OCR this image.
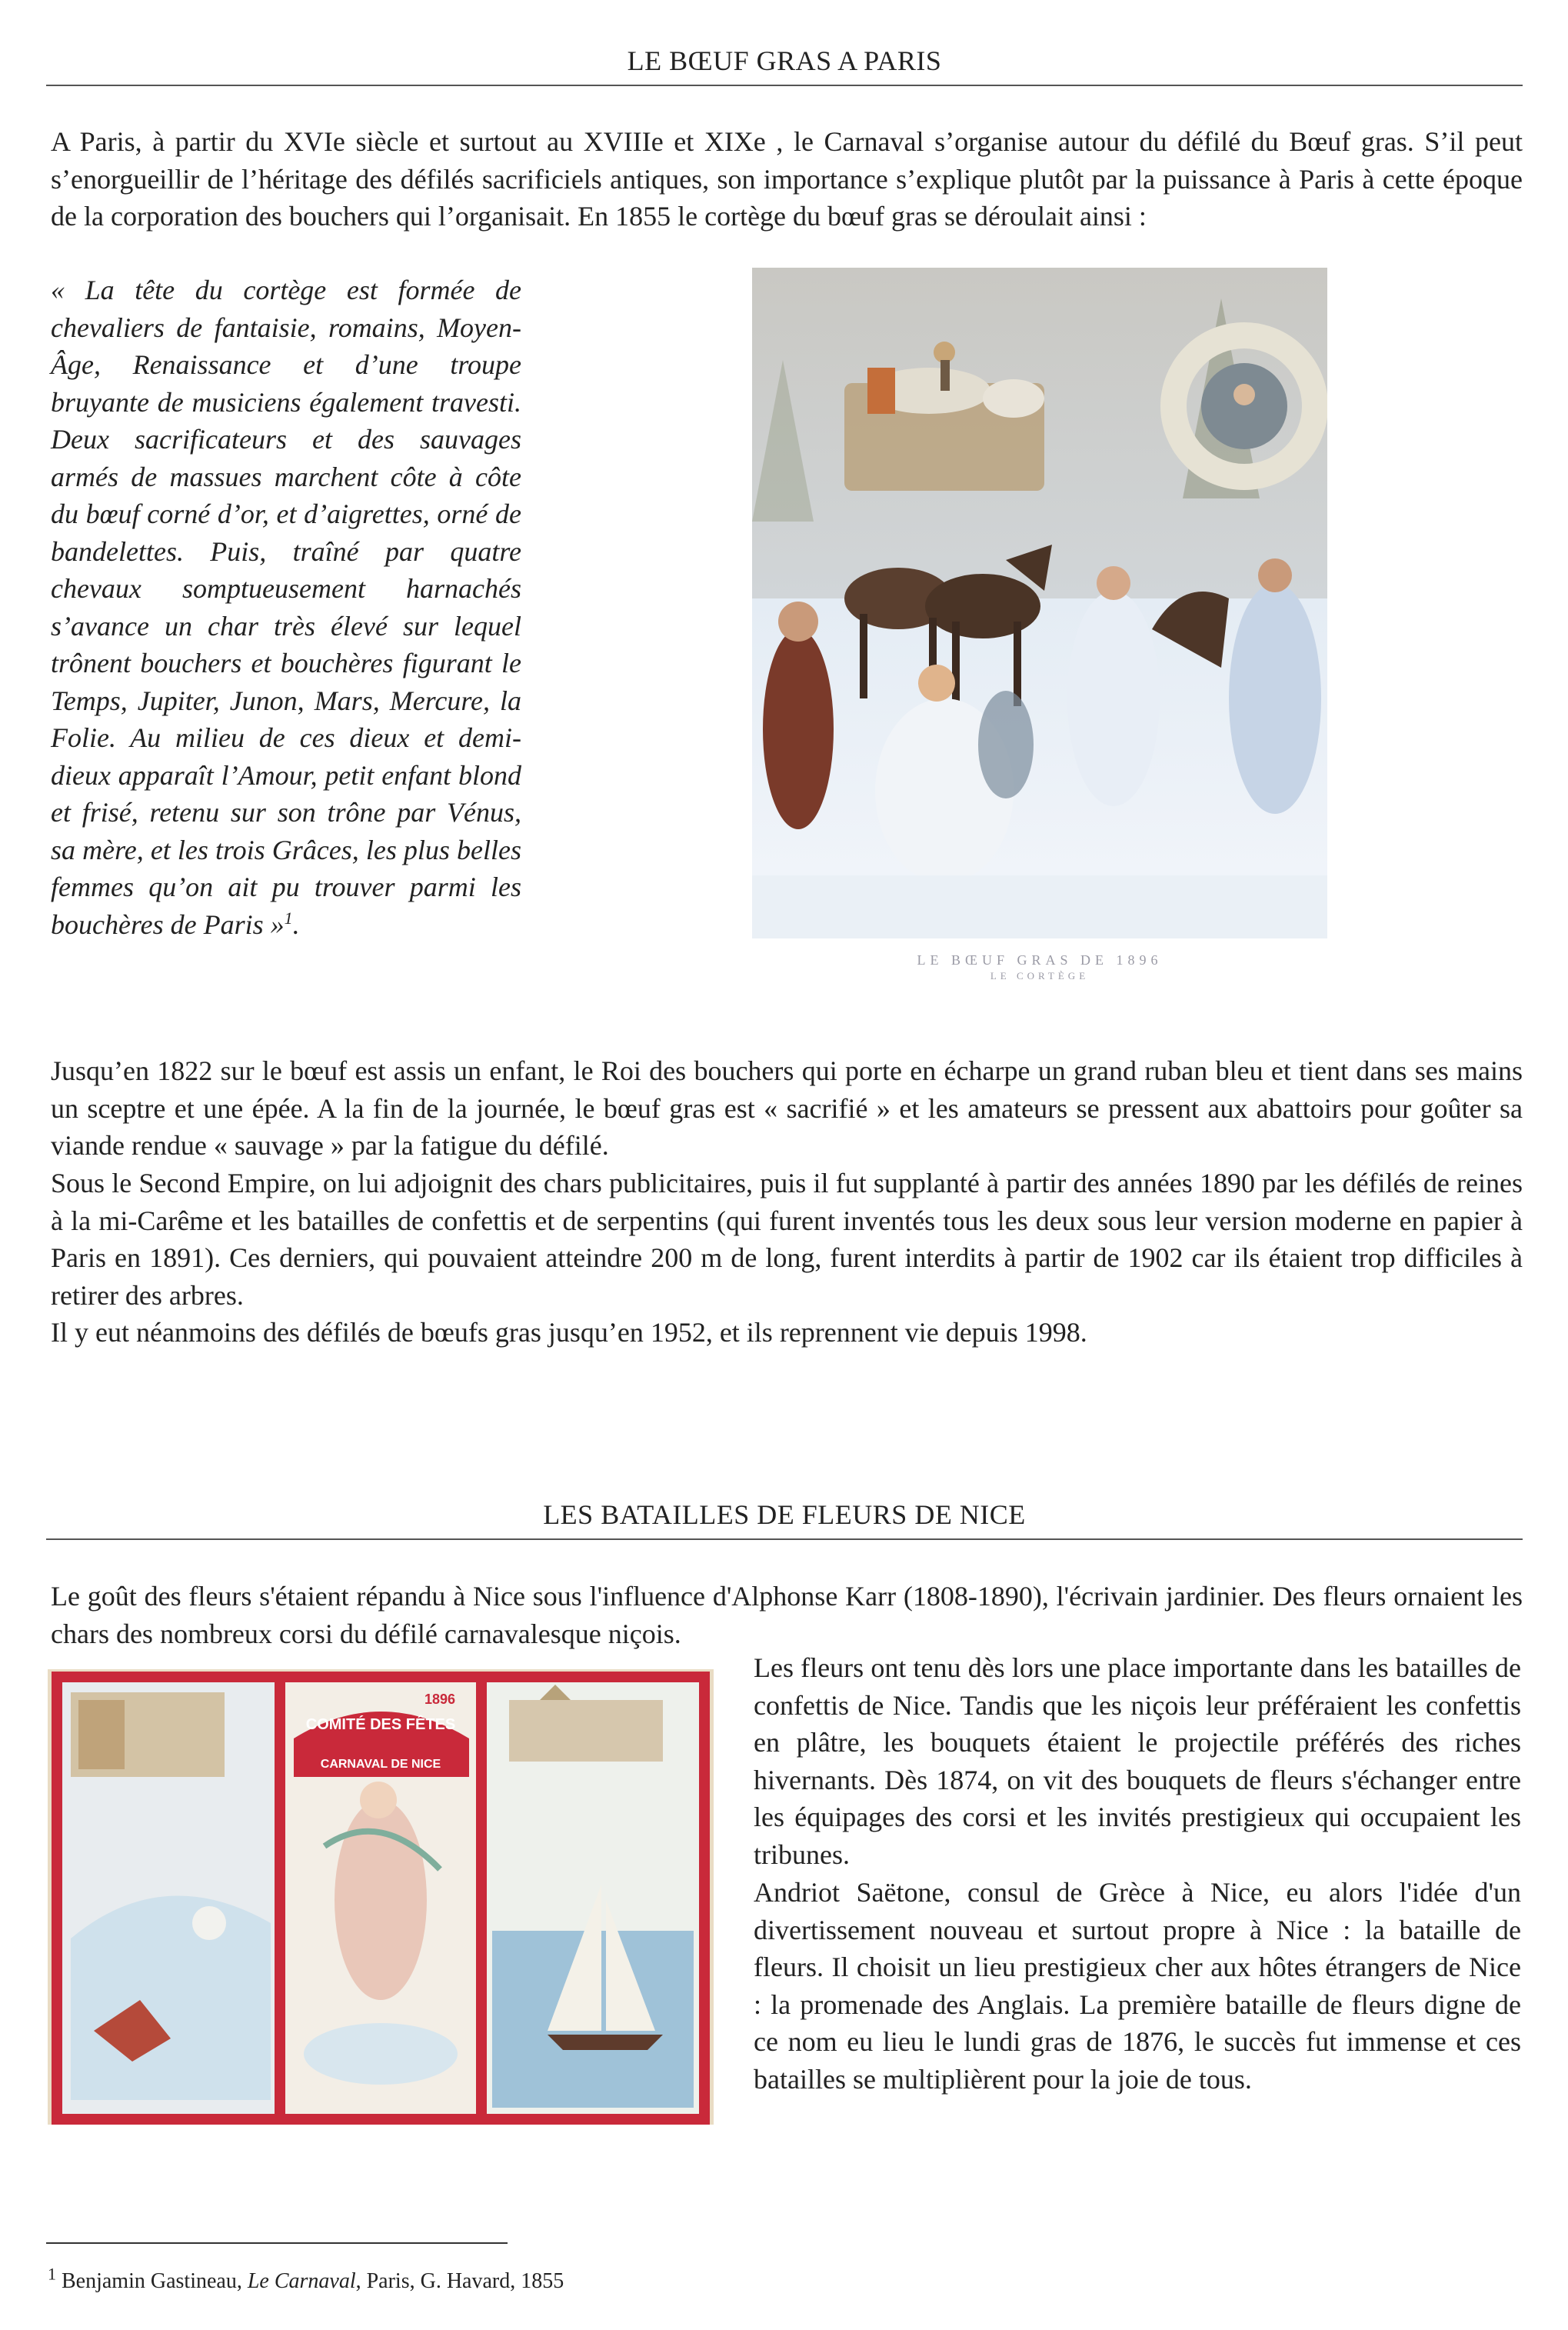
LE BŒUF GRAS A PARIS
A Paris, à partir du XVIe siècle et surtout au XVIIIe et XIXe , le Carnaval s’organise autour du défilé du Bœuf gras. S’il peut s’enorgueillir de l’héritage des défilés sacrificiels antiques, son importance s’explique plutôt par la puissance à Paris à cette époque de la corporation des bouchers qui l’organisait. En 1855 le cortège du bœuf gras se déroulait ainsi :
« La tête du cortège est formée de chevaliers de fantaisie, romains, Moyen-Âge, Renaissance et d’une troupe bruyante de musiciens également travesti. Deux sacrificateurs et des sauvages armés de massues marchent côte à côte du bœuf corné d’or, et d’aigrettes, orné de bandelettes. Puis, traîné par quatre chevaux somptueusement harnachés s’avance un char très élevé sur lequel trônent bouchers et bouchères figurant le Temps, Jupiter, Junon, Mars, Mercure, la Folie. Au milieu de ces dieux et demi-dieux apparaît l’Amour, petit enfant blond et frisé, retenu sur son trône par Vénus, sa mère, et les trois Grâces, les plus belles femmes qu’on ait pu trouver parmi les bouchères de Paris »$^1$.
LE BŒUF GRAS DE 1896
LE CORTÈGE
Jusqu’en 1822 sur le bœuf est assis un enfant, le Roi des bouchers qui porte en écharpe un grand ruban bleu et tient dans ses mains un sceptre et une épée. A la fin de la journée, le bœuf gras est « sacrifié » et les amateurs se pressent aux abattoirs pour goûter sa viande rendue « sauvage » par la fatigue du défilé.
Sous le Second Empire, on lui adjoignit des chars publicitaires, puis il fut supplanté à partir des années 1890 par les défilés de reines à la mi-Carême et les batailles de confettis et de serpentins (qui furent inventés tous les deux sous leur version moderne en papier à Paris en 1891). Ces derniers, qui pouvaient atteindre 200 m de long, furent interdits à partir de 1902 car ils étaient trop difficiles à retirer des arbres.
Il y eut néanmoins des défilés de bœufs gras jusqu’en 1952, et ils reprennent vie depuis 1998.
LES BATAILLES DE FLEURS DE NICE
Le goût des fleurs s'étaient répandu à Nice sous l'influence d'Alphonse Karr (1808-1890), l'écrivain jardinier. Des fleurs ornaient les chars des nombreux corsi du défilé carnavalesque niçois.
COMITÉ DES FÊTES
CARNAVAL DE NICE
1896
Les fleurs ont tenu dès lors une place importante dans les batailles de confettis de Nice. Tandis que les niçois leur préféraient les confettis en plâtre, les bouquets étaient le projectile préférés des riches hivernants. Dès 1874, on vit des bouquets de fleurs s'échanger entre les équipages des corsi et les invités prestigieux qui occupaient les tribunes.
Andriot Saëtone, consul de Grèce à Nice, eu alors l'idée d'un divertissement nouveau et surtout propre à Nice : la bataille de fleurs. Il choisit un lieu prestigieux cher aux hôtes étrangers de Nice : la promenade des Anglais. La première bataille de fleurs digne de ce nom eu lieu le lundi gras de 1876, le succès fut immense et ces batailles se multiplièrent pour la joie de tous.
$^1$ Benjamin Gastineau, Le Carnaval, Paris, G. Havard, 1855
